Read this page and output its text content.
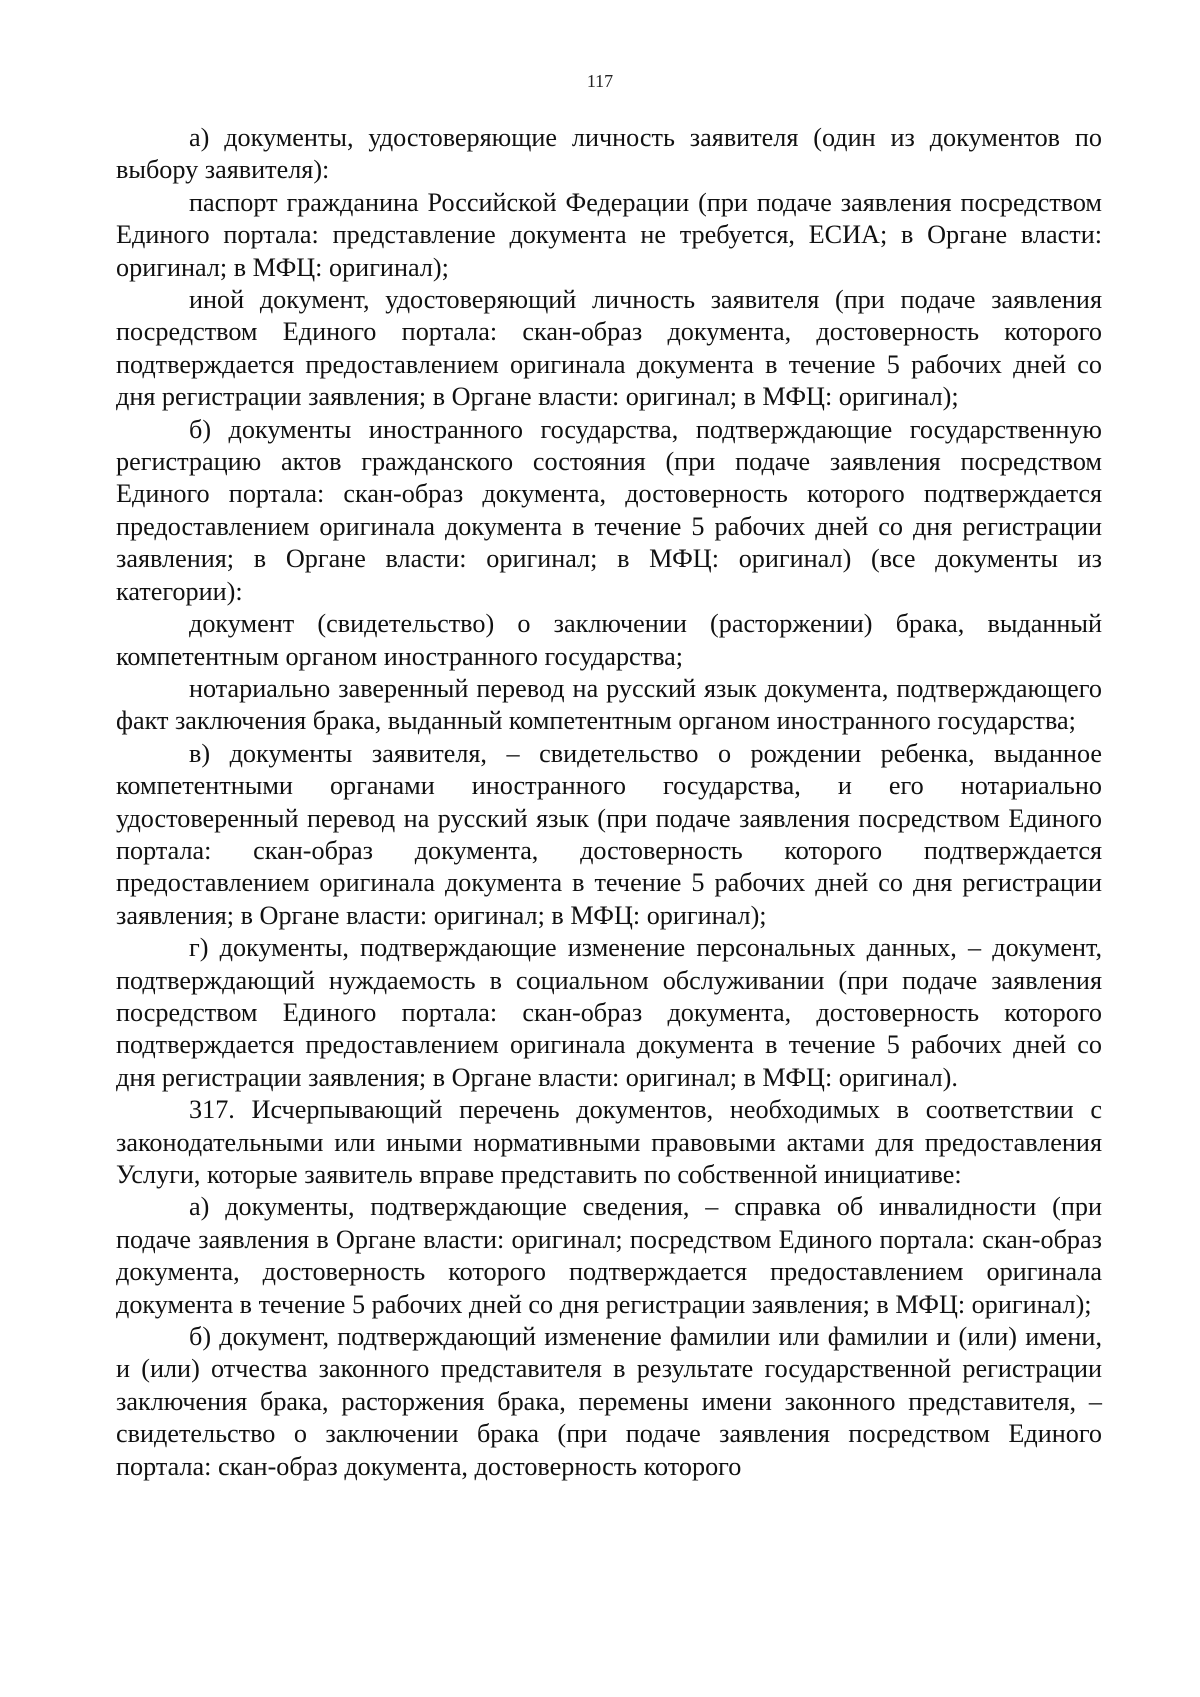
117

а) документы, удостоверяющие личность заявителя (один из документов по выбору заявителя):

паспорт гражданина Российской Федерации (при подаче заявления посредством Единого портала: представление документа не требуется, ЕСИА; в Органе власти: оригинал; в МФЦ: оригинал);

иной документ, удостоверяющий личность заявителя (при подаче заявления посредством Единого портала: скан-образ документа, достоверность которого подтверждается предоставлением оригинала документа в течение 5 рабочих дней со дня регистрации заявления; в Органе власти: оригинал; в МФЦ: оригинал);

б) документы иностранного государства, подтверждающие государственную регистрацию актов гражданского состояния (при подаче заявления посредством Единого портала: скан-образ документа, достоверность которого подтверждается предоставлением оригинала документа в течение 5 рабочих дней со дня регистрации заявления; в Органе власти: оригинал; в МФЦ: оригинал) (все документы из категории):

документ (свидетельство) о заключении (расторжении) брака, выданный компетентным органом иностранного государства;

нотариально заверенный перевод на русский язык документа, подтверждающего факт заключения брака, выданный компетентным органом иностранного государства;

в) документы заявителя, – свидетельство о рождении ребенка, выданное компетентными органами иностранного государства, и его нотариально удостоверенный перевод на русский язык (при подаче заявления посредством Единого портала: скан-образ документа, достоверность которого подтверждается предоставлением оригинала документа в течение 5 рабочих дней со дня регистрации заявления; в Органе власти: оригинал; в МФЦ: оригинал);

г) документы, подтверждающие изменение персональных данных, – документ, подтверждающий нуждаемость в социальном обслуживании (при подаче заявления посредством Единого портала: скан-образ документа, достоверность которого подтверждается предоставлением оригинала документа в течение 5 рабочих дней со дня регистрации заявления; в Органе власти: оригинал; в МФЦ: оригинал).

317. Исчерпывающий перечень документов, необходимых в соответствии с законодательными или иными нормативными правовыми актами для предоставления Услуги, которые заявитель вправе представить по собственной инициативе:

а) документы, подтверждающие сведения, – справка об инвалидности (при подаче заявления в Органе власти: оригинал; посредством Единого портала: скан-образ документа, достоверность которого подтверждается предоставлением оригинала документа в течение 5 рабочих дней со дня регистрации заявления; в МФЦ: оригинал);

б) документ, подтверждающий изменение фамилии или фамилии и (или) имени, и (или) отчества законного представителя в результате государственной регистрации заключения брака, расторжения брака, перемены имени законного представителя, – свидетельство о заключении брака (при подаче заявления посредством Единого портала: скан-образ документа, достоверность которого
